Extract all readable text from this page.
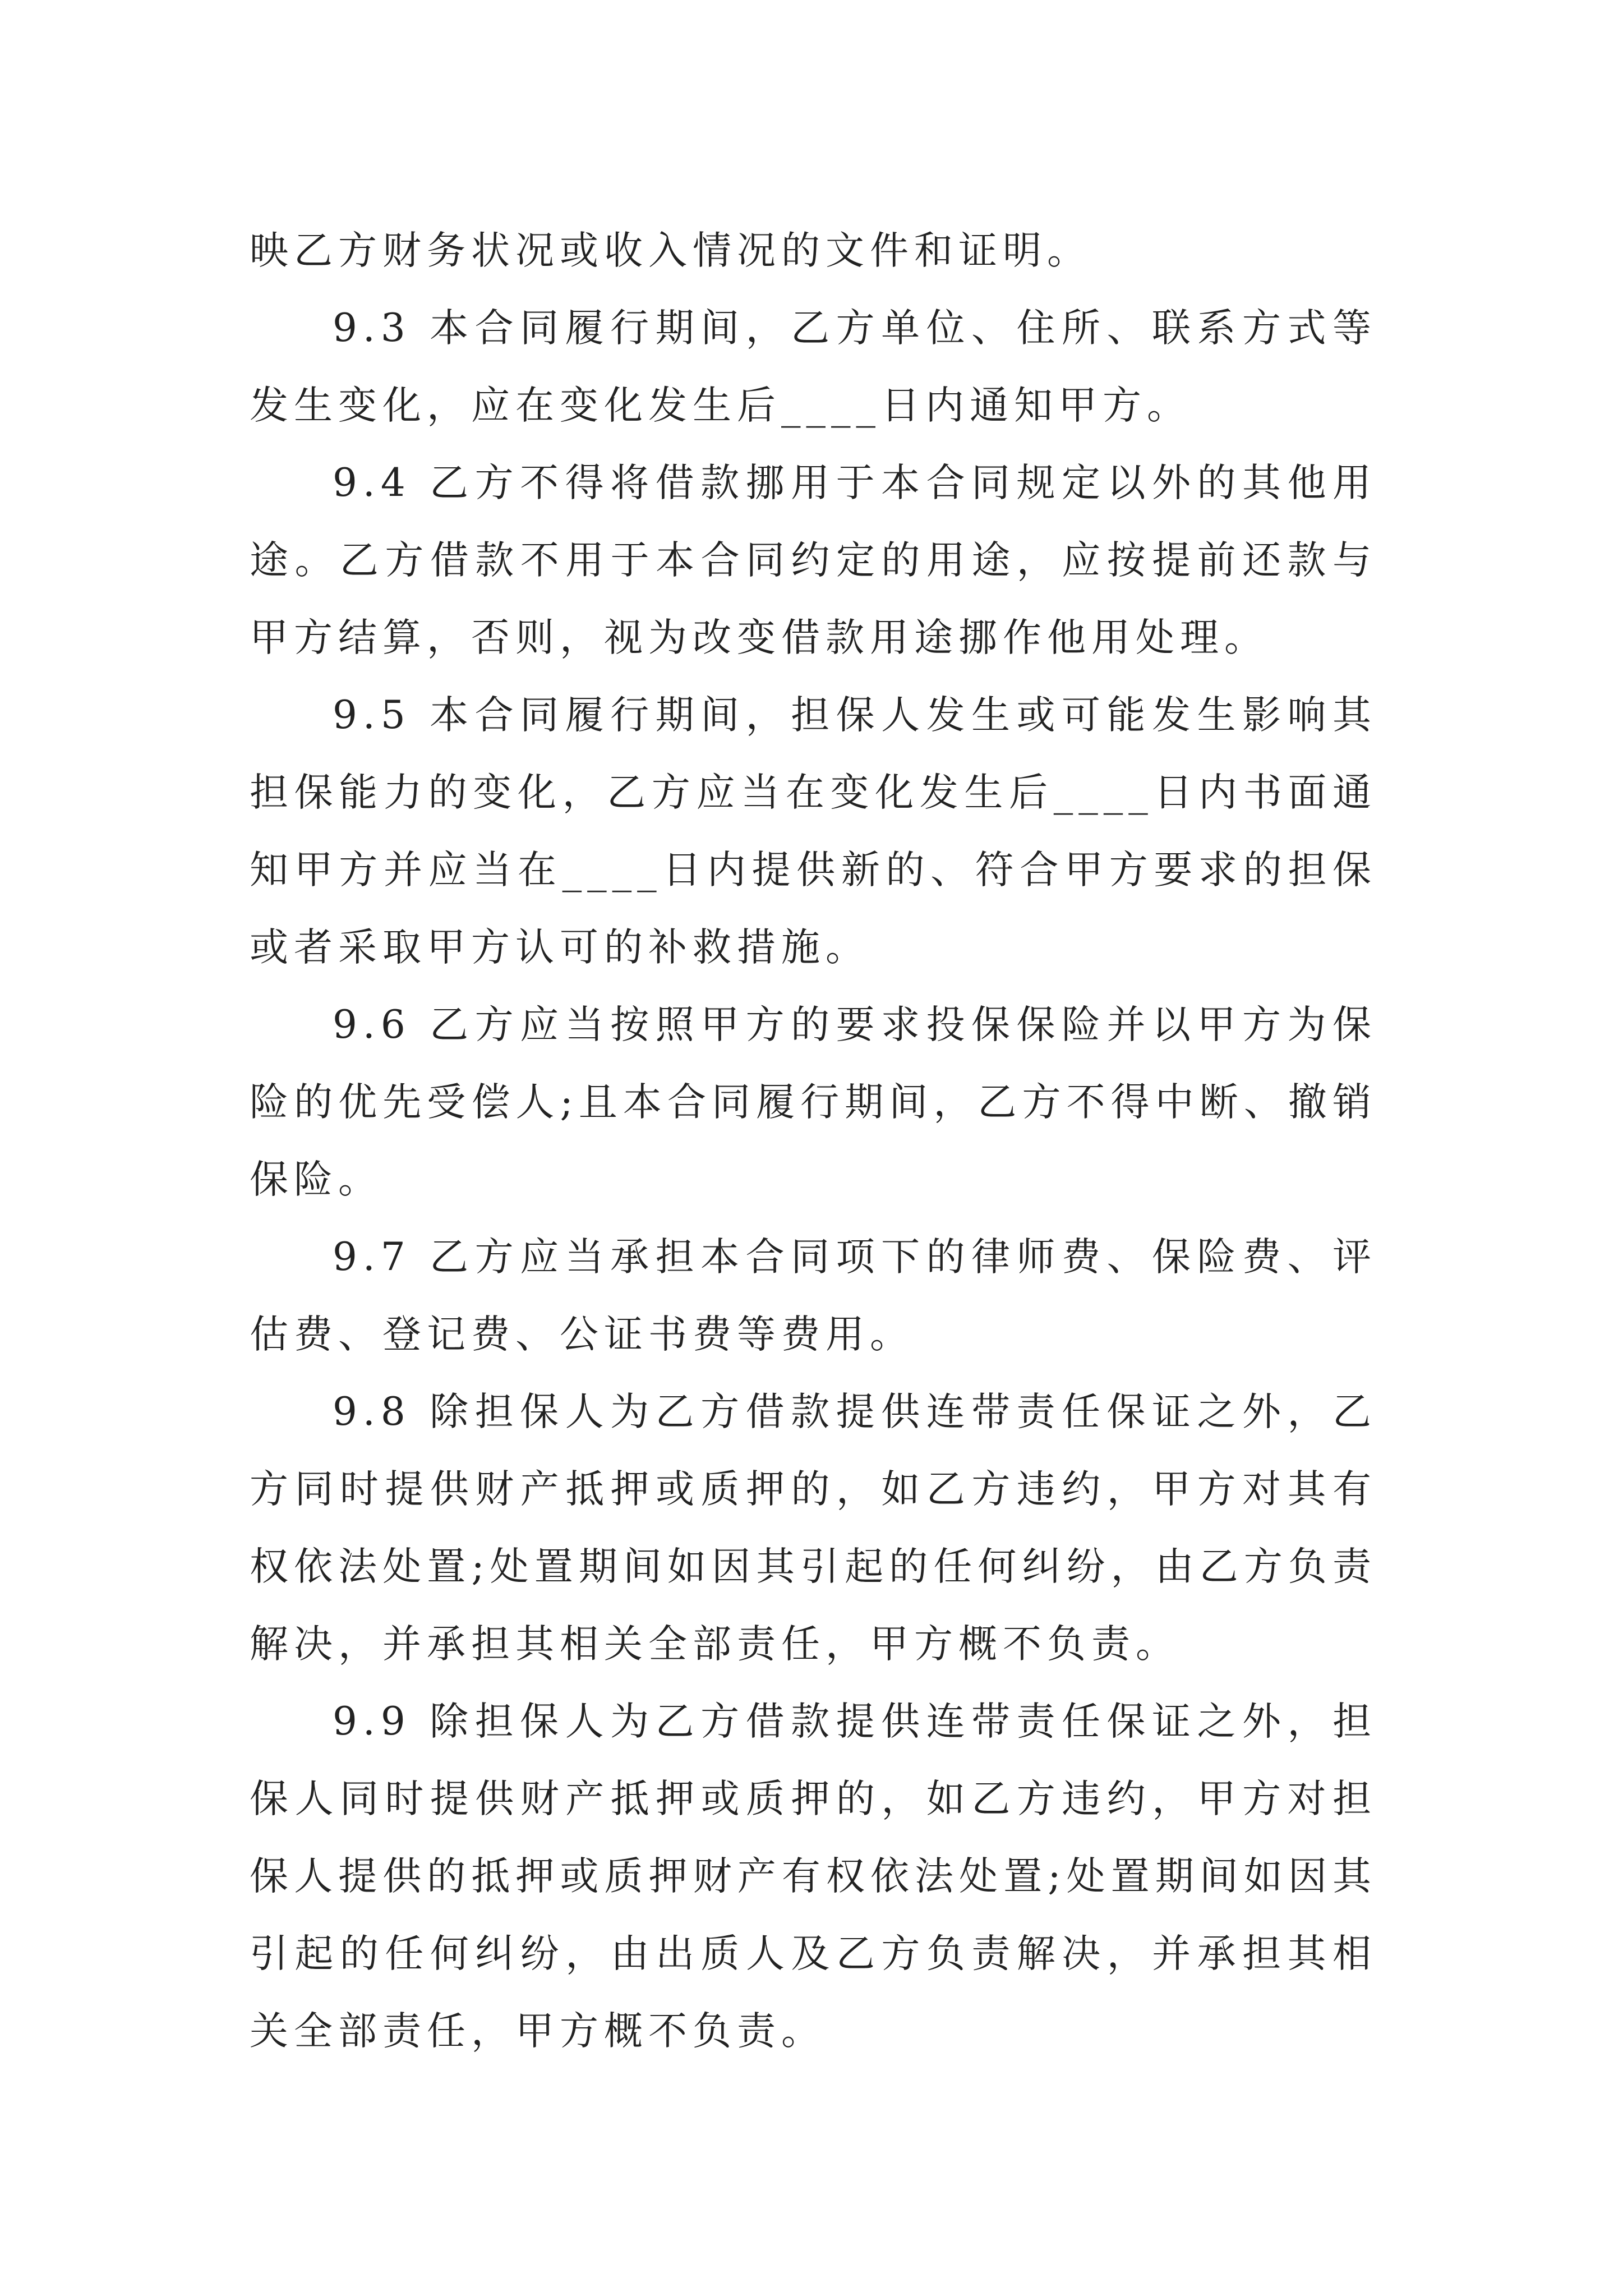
映乙方财务状况或收入情况的文件和证明。

9.3 本合同履行期间，乙方单位、住所、联系方式等发生变化，应在变化发生后____日内通知甲方。

9.4 乙方不得将借款挪用于本合同规定以外的其他用途。乙方借款不用于本合同约定的用途，应按提前还款与甲方结算，否则，视为改变借款用途挪作他用处理。

9.5 本合同履行期间，担保人发生或可能发生影响其担保能力的变化，乙方应当在变化发生后____日内书面通知甲方并应当在____日内提供新的、符合甲方要求的担保或者采取甲方认可的补救措施。

9.6 乙方应当按照甲方的要求投保保险并以甲方为保险的优先受偿人;且本合同履行期间，乙方不得中断、撤销保险。

9.7 乙方应当承担本合同项下的律师费、保险费、评估费、登记费、公证书费等费用。

9.8 除担保人为乙方借款提供连带责任保证之外，乙方同时提供财产抵押或质押的，如乙方违约，甲方对其有权依法处置;处置期间如因其引起的任何纠纷，由乙方负责解决，并承担其相关全部责任，甲方概不负责。

9.9 除担保人为乙方借款提供连带责任保证之外，担保人同时提供财产抵押或质押的，如乙方违约，甲方对担保人提供的抵押或质押财产有权依法处置;处置期间如因其引起的任何纠纷，由出质人及乙方负责解决，并承担其相关全部责任，甲方概不负责。
